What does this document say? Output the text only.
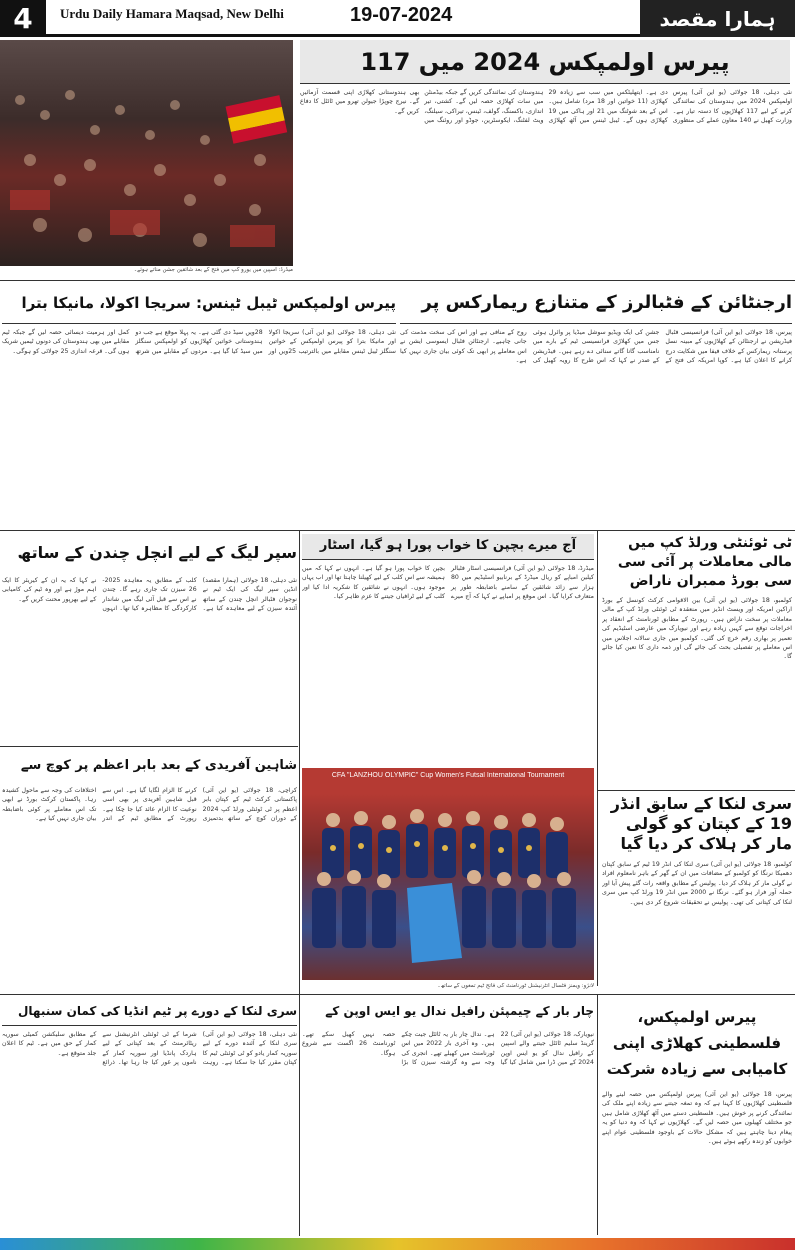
4	Urdu Daily Hamara Maqsad, New Delhi	19-07-2024	ہمارا مقصد
میڈرڈ: اسپین میں یورو کپ میں فتح کے بعد شائقین جشن مناتے ہوئے۔
پیرس اولمپکس 2024 میں 117
نئی دہلی، 18 جولائی (یو این آئی) پیرس اولمپکس 2024 میں ہندوستان کی نمائندگی کرنے کے لیے 117 کھلاڑیوں کا دستہ تیار ہے۔ وزارت کھیل نے 140 معاون عملے کی منظوری دی ہے۔ ایتھلیٹکس میں سب سے زیادہ 29 کھلاڑی (11 خواتین اور 18 مرد) شامل ہیں۔ اس کے بعد شوٹنگ میں 21 اور ہاکی میں 19 کھلاڑی ہوں گے۔ ٹیبل ٹینس میں آٹھ کھلاڑی ہندوستان کی نمائندگی کریں گے جبکہ بیڈمنٹن میں سات کھلاڑی حصہ لیں گے۔ کشتی، تیر اندازی، باکسنگ، گولف، ٹینس، تیراکی، سیلنگ، ویٹ لفٹنگ، ایکوسٹرین، جوڈو اور روئنگ میں بھی ہندوستانی کھلاڑی اپنی قسمت آزمائیں گے۔ نیرج چوپڑا جیولن تھرو میں ٹائٹل کا دفاع کریں گے۔
پیرس اولمپکس ٹیبل ٹینس: سریجا اکولا، مانیکا بترا
نئی دہلی، 18 جولائی (یو این آئی) سریجا اکولا اور مانیکا بترا کو پیرس اولمپکس کے خواتین سنگلز ٹیبل ٹینس مقابلے میں بالترتیب 25ویں اور 28ویں سیڈ دی گئی ہے۔ یہ پہلا موقع ہے جب دو ہندوستانی خواتین کھلاڑیوں کو اولمپکس سنگلز میں سیڈ کیا گیا ہے۔ مردوں کے مقابلے میں شرتھ کمل اور ہرمیت دیسائی حصہ لیں گے جبکہ ٹیم مقابلے میں بھی ہندوستان کی دونوں ٹیمیں شریک ہوں گی۔ قرعہ اندازی 25 جولائی کو ہوگی۔
ارجنٹائن کے فٹبالرز کے متنازع ریمارکس پر
پیرس، 18 جولائی (یو این آئی) فرانسیسی فٹبال فیڈریشن نے ارجنٹائن کے کھلاڑیوں کے مبینہ نسل پرستانہ ریمارکس کے خلاف فیفا میں شکایت درج کرانے کا اعلان کیا ہے۔ کوپا امریکہ کی فتح کے جشن کی ایک ویڈیو سوشل میڈیا پر وائرل ہوئی جس میں کھلاڑی فرانسیسی ٹیم کے بارے میں نامناسب گانا گاتے سنائی دے رہے ہیں۔ فیڈریشن کے صدر نے کہا کہ اس طرح کا رویہ کھیل کی روح کے منافی ہے اور اس کی سخت مذمت کی جانی چاہیے۔ ارجنٹائن فٹبال ایسوسی ایشن نے اس معاملے پر ابھی تک کوئی بیان جاری نہیں کیا ہے۔
ٹی ٹوئنٹی ورلڈ کپ میں مالی معاملات پر آئی سی سی بورڈ ممبران ناراض
کولمبو، 18 جولائی (یو این آئی) بین الاقوامی کرکٹ کونسل کے بورڈ اراکین امریکہ اور ویسٹ انڈیز میں منعقدہ ٹی ٹوئنٹی ورلڈ کپ کے مالی معاملات پر سخت ناراض ہیں۔ رپورٹ کے مطابق ٹورنامنٹ کے انعقاد پر اخراجات توقع سے کہیں زیادہ رہے اور نیویارک میں عارضی اسٹیڈیم کی تعمیر پر بھاری رقم خرچ کی گئی۔ کولمبو میں جاری سالانہ اجلاس میں اس معاملے پر تفصیلی بحث کی جائے گی اور ذمہ داری کا تعین کیا جائے گا۔
آج میرے بچپن کا خواب پورا ہو گیا، اسٹار
میڈرڈ، 18 جولائی (یو این آئی) فرانسیسی اسٹار فٹبالر کیلین امباپے کو ریال میڈرڈ کے برنابیو اسٹیڈیم میں 80 ہزار سے زائد شائقین کے سامنے باضابطہ طور پر متعارف کرایا گیا۔ اس موقع پر امباپے نے کہا کہ آج میرے بچپن کا خواب پورا ہو گیا ہے۔ انہوں نے کہا کہ میں ہمیشہ سے اس کلب کے لیے کھیلنا چاہتا تھا اور اب یہاں موجود ہوں۔ انہوں نے شائقین کا شکریہ ادا کیا اور کلب کے لیے ٹرافیاں جیتنے کا عزم ظاہر کیا۔
سپر لیگ کے لیے انچل چندن کے ساتھ
نئی دہلی، 18 جولائی (ہمارا مقصد) انڈین سپر لیگ کی ایک ٹیم نے نوجوان فٹبالر انچل چندن کے ساتھ آئندہ سیزن کے لیے معاہدہ کیا ہے۔ کلب کے مطابق یہ معاہدہ 2025-26 سیزن تک جاری رہے گا۔ چندن نے اس سے قبل آئی لیگ میں شاندار کارکردگی کا مظاہرہ کیا تھا۔ انہوں نے کہا کہ یہ ان کے کیریئر کا ایک اہم موڑ ہے اور وہ ٹیم کی کامیابی کے لیے بھرپور محنت کریں گے۔
شاہین آفریدی کے بعد بابر اعظم پر کوچ سے
کراچی، 18 جولائی (یو این آئی) پاکستانی کرکٹ ٹیم کے کپتان بابر اعظم پر ٹی ٹوئنٹی ورلڈ کپ 2024 کے دوران کوچ کے ساتھ بدتمیزی کرنے کا الزام لگایا گیا ہے۔ اس سے قبل شاہین آفریدی پر بھی اسی نوعیت کا الزام عائد کیا جا چکا ہے۔ رپورٹ کے مطابق ٹیم کے اندر اختلافات کی وجہ سے ماحول کشیدہ رہا۔ پاکستان کرکٹ بورڈ نے ابھی تک اس معاملے پر کوئی باضابطہ بیان جاری نہیں کیا ہے۔
CFA "LANZHOU OLYMPIC" Cup Women's Futsal International Tournament
لانژو: ویمنز فٹسال انٹرنیشنل ٹورنامنٹ کی فاتح ٹیم تمغوں کے ساتھ۔
سری لنکا کے سابق انڈر 19 کے کپتان کو گولی مار کر ہلاک کر دیا گیا
کولمبو، 18 جولائی (یو این آئی) سری لنکا کی انڈر 19 ٹیم کے سابق کپتان دھمیکا نرنگا کو کولمبو کے مضافات میں ان کے گھر کے باہر نامعلوم افراد نے گولی مار کر ہلاک کر دیا۔ پولیس کے مطابق واقعہ رات گئے پیش آیا اور حملہ آور فرار ہو گئے۔ نرنگا نے 2000 میں انڈر 19 ورلڈ کپ میں سری لنکا کی کپتانی کی تھی۔ پولیس نے تحقیقات شروع کر دی ہیں۔
سری لنکا کے دورے پر ٹیم انڈیا کی کمان سنبھال
نئی دہلی، 18 جولائی (یو این آئی) سری لنکا کے آئندہ دورے کے لیے سوریہ کمار یادو کو ٹی ٹوئنٹی ٹیم کا کپتان مقرر کیا جا سکتا ہے۔ روہت شرما کے ٹی ٹوئنٹی انٹرنیشنل سے ریٹائرمنٹ کے بعد کپتانی کے لیے ہاردک پانڈیا اور سوریہ کمار کے ناموں پر غور کیا جا رہا تھا۔ ذرائع کے مطابق سلیکشن کمیٹی سوریہ کمار کے حق میں ہے۔ ٹیم کا اعلان جلد متوقع ہے۔
چار بار کے چیمپئن رافیل ندال یو ایس اوپن کے
نیویارک، 18 جولائی (یو این آئی) 22 گرینڈ سلیم ٹائٹل جیتنے والے اسپین کے رافیل ندال کو یو ایس اوپن 2024 کے مین ڈرا میں شامل کیا گیا ہے۔ ندال چار بار یہ ٹائٹل جیت چکے ہیں۔ وہ آخری بار 2022 میں اس ٹورنامنٹ میں کھیلے تھے۔ انجری کی وجہ سے وہ گزشتہ سیزن کا بڑا حصہ نہیں کھیل سکے تھے۔ ٹورنامنٹ 26 اگست سے شروع ہوگا۔
پیرس اولمپکس، فلسطینی کھلاڑی اپنی کامیابی سے زیادہ شرکت
پیرس، 18 جولائی (یو این آئی) پیرس اولمپکس میں حصہ لینے والے فلسطینی کھلاڑیوں کا کہنا ہے کہ وہ تمغہ جیتنے سے زیادہ اپنے ملک کی نمائندگی کرنے پر خوش ہیں۔ فلسطینی دستے میں آٹھ کھلاڑی شامل ہیں جو مختلف کھیلوں میں حصہ لیں گے۔ کھلاڑیوں نے کہا کہ وہ دنیا کو یہ پیغام دینا چاہتے ہیں کہ مشکل حالات کے باوجود فلسطینی عوام اپنے خوابوں کو زندہ رکھے ہوئے ہیں۔
